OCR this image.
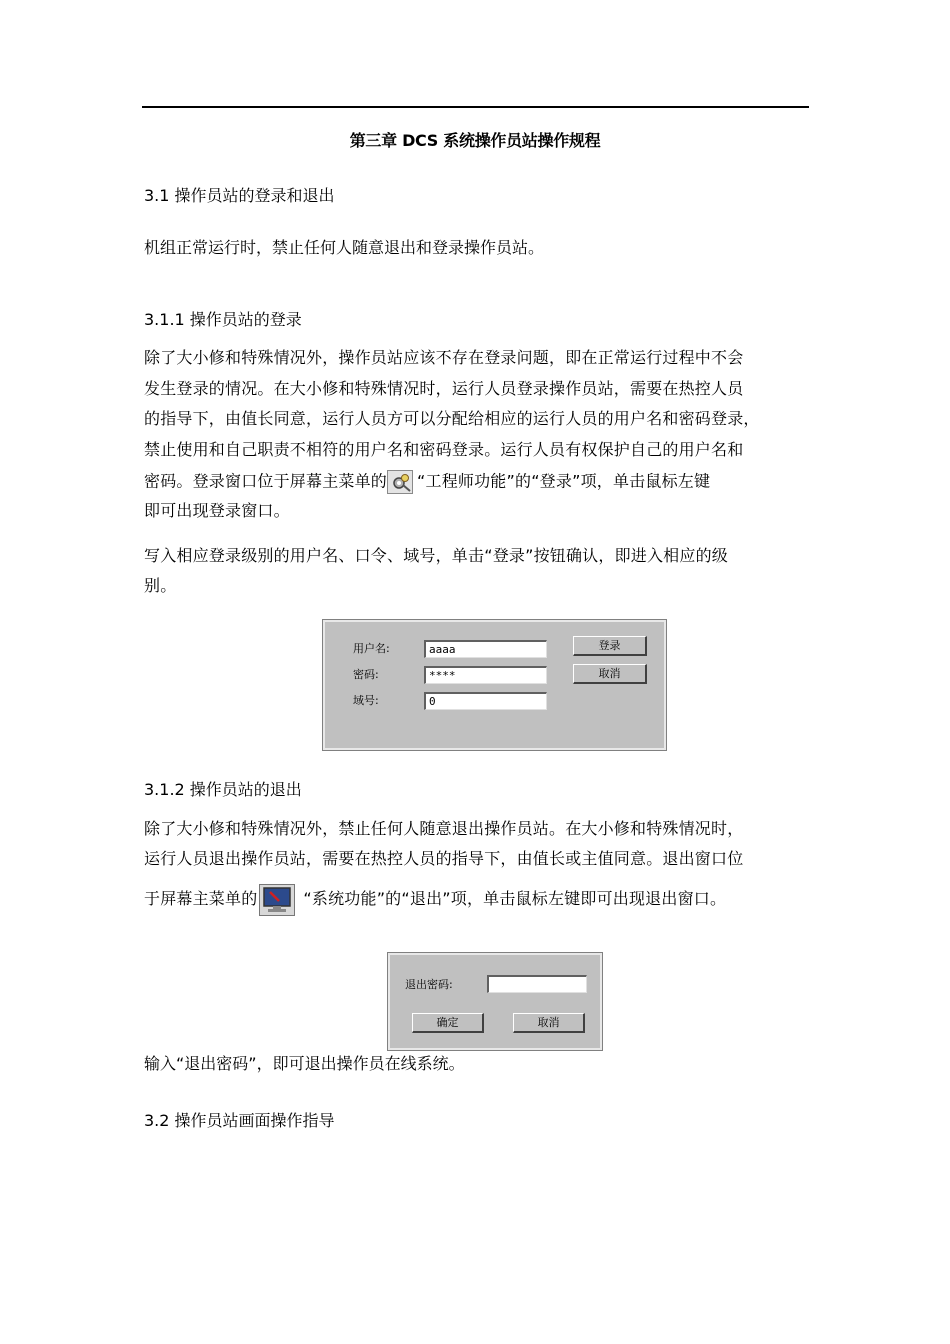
第三章 DCS 系统操作员站操作规程
3.1 操作员站的登录和退出
机组正常运行时，禁止任何人随意退出和登录操作员站。
3.1.1 操作员站的登录
除了大小修和特殊情况外，操作员站应该不存在登录问题，即在正常运行过程中不会
发生登录的情况。在大小修和特殊情况时，运行人员登录操作员站，需要在热控人员
的指导下，由值长同意，运行人员方可以分配给相应的运行人员的用户名和密码登录，
禁止使用和自己职责不相符的用户名和密码登录。运行人员有权保护自己的用户名和
密码。登录窗口位于屏幕主菜单的 “工程师功能”的“登录”项，单击鼠标左键
即可出现登录窗口。
写入相应登录级别的用户名、口令、域号，单击“登录”按钮确认，即进入相应的级
别。
用户名:	aaaa
密码:	****
域号:	0
登录
取消
3.1.2 操作员站的退出
除了大小修和特殊情况外，禁止任何人随意退出操作员站。在大小修和特殊情况时，
运行人员退出操作员站，需要在热控人员的指导下，由值长或主值同意。退出窗口位
于屏幕主菜单的	“系统功能”的“退出”项，单击鼠标左键即可出现退出窗口。
退出密码:
确定	取消
输入“退出密码”，即可退出操作员在线系统。
3.2 操作员站画面操作指导
